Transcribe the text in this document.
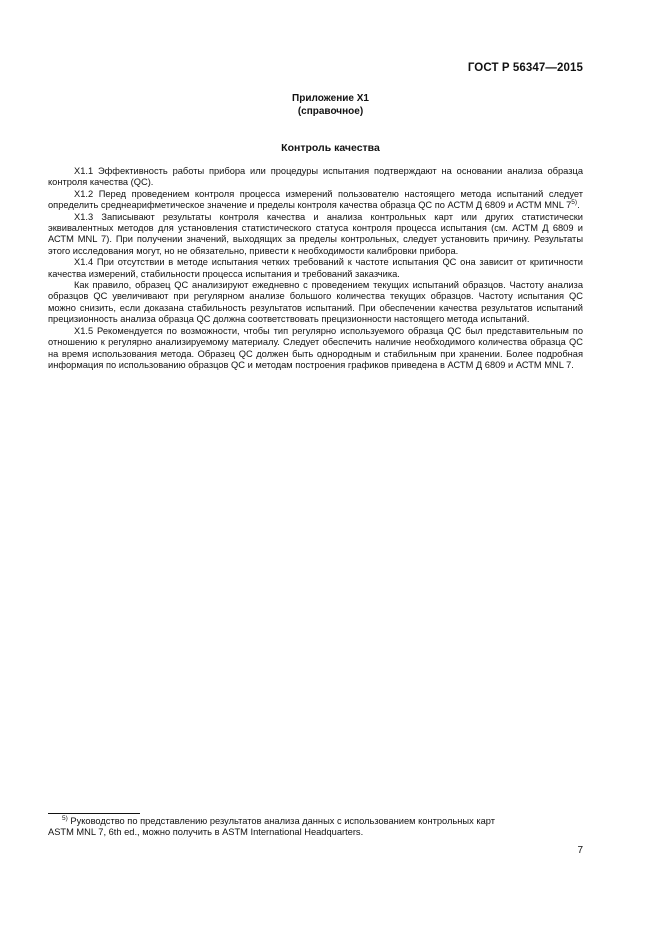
ГОСТ Р 56347—2015
Приложение Х1
(справочное)
Контроль качества

Х1.1 Эффективность работы прибора или процедуры испытания подтверждают на основании анализа образца контроля качества (QC).

Х1.2 Перед проведением контроля процесса измерений пользователю настоящего метода испытаний следует определить среднеарифметическое значение и пределы контроля качества образца QC по АСТМ Д 6809 и АСТМ MNL 7$^{5)}$.

Х1.3 Записывают результаты контроля качества и анализа контрольных карт или других статистически эквивалентных методов для установления статистического статуса контроля процесса испытания (см. АСТМ Д 6809 и АСТМ MNL 7). При получении значений, выходящих за пределы контрольных, следует установить причину. Результаты этого исследования могут, но не обязательно, привести к необходимости калибровки прибора.

Х1.4 При отсутствии в методе испытания четких требований к частоте испытания QC она зависит от критичности качества измерений, стабильности процесса испытания и требований заказчика.

Как правило, образец QC анализируют ежедневно с проведением текущих испытаний образцов. Частоту анализа образцов QC увеличивают при регулярном анализе большого количества текущих образцов. Частоту испытания QC можно снизить, если доказана стабильность результатов испытаний. При обеспечении качества результатов испытаний прецизионность анализа образца QC должна соответствовать прецизионности настоящего метода испытаний.

Х1.5 Рекомендуется по возможности, чтобы тип регулярно используемого образца QC был представительным по отношению к регулярно анализируемому материалу. Следует обеспечить наличие необходимого количества образца QC на время использования метода. Образец QC должен быть однородным и стабильным при хранении. Более подробная информация по использованию образцов QC и методам построения графиков приведена в АСТМ Д 6809 и АСТМ MNL 7.

$^{5)}$ Руководство по представлению результатов анализа данных с использованием контрольных карт
ASTM MNL 7, 6th ed., можно получить в ASTM International Headquarters.
7
